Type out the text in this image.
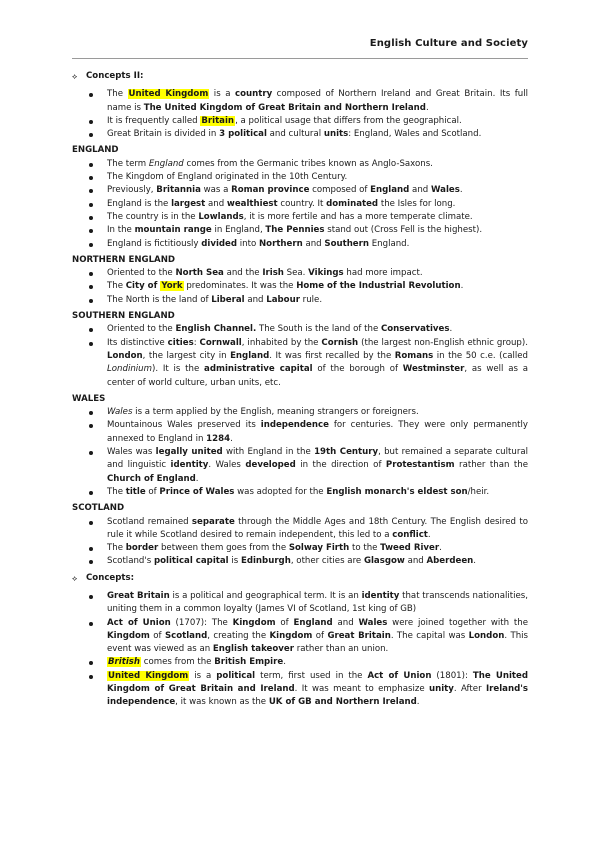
English Culture and Society
⟡	Concepts II:
The United Kingdom is a country composed of Northern Ireland and Great Britain. Its full name is The United Kingdom of Great Britain and Northern Ireland.
It is frequently called Britain, a political usage that differs from the geographical.
Great Britain is divided in 3 political and cultural units: England, Wales and Scotland.
ENGLAND
The term England comes from the Germanic tribes known as Anglo-Saxons.
The Kingdom of England originated in the 10th Century.
Previously, Britannia was a Roman province composed of England and Wales.
England is the largest and wealthiest country. It dominated the Isles for long.
The country is in the Lowlands, it is more fertile and has a more temperate climate.
In the mountain range in England, The Pennies stand out (Cross Fell is the highest).
England is fictitiously divided into Northern and Southern England.
NORTHERN ENGLAND
Oriented to the North Sea and the Irish Sea. Vikings had more impact.
The City of York predominates. It was the Home of the Industrial Revolution.
The North is the land of Liberal and Labour rule.
SOUTHERN ENGLAND
Oriented to the English Channel. The South is the land of the Conservatives.
Its distinctive cities: Cornwall, inhabited by the Cornish (the largest non-English ethnic group). London, the largest city in England. It was first recalled by the Romans in the 50 c.e. (called Londinium). It is the administrative capital of the borough of Westminster, as well as a center of world culture, urban units, etc.
WALES
Wales is a term applied by the English, meaning strangers or foreigners.
Mountainous Wales preserved its independence for centuries. They were only permanently annexed to England in 1284.
Wales was legally united with England in the 19th Century, but remained a separate cultural and linguistic identity. Wales developed in the direction of Protestantism rather than the Church of England.
The title of Prince of Wales was adopted for the English monarch's eldest son/heir.
SCOTLAND
Scotland remained separate through the Middle Ages and 18th Century. The English desired to rule it while Scotland desired to remain independent, this led to a conflict.
The border between them goes from the Solway Firth to the Tweed River.
Scotland's political capital is Edinburgh, other cities are Glasgow and Aberdeen.
⟡	Concepts:
Great Britain is a political and geographical term. It is an identity that transcends nationalities, uniting them in a common loyalty (James VI of Scotland, 1st king of GB)
Act of Union (1707): The Kingdom of England and Wales were joined together with the Kingdom of Scotland, creating the Kingdom of Great Britain. The capital was London. This event was viewed as an English takeover rather than an union.
British comes from the British Empire.
United Kingdom is a political term, first used in the Act of Union (1801): The United Kingdom of Great Britain and Ireland. It was meant to emphasize unity. After Ireland's independence, it was known as the UK of GB and Northern Ireland.
